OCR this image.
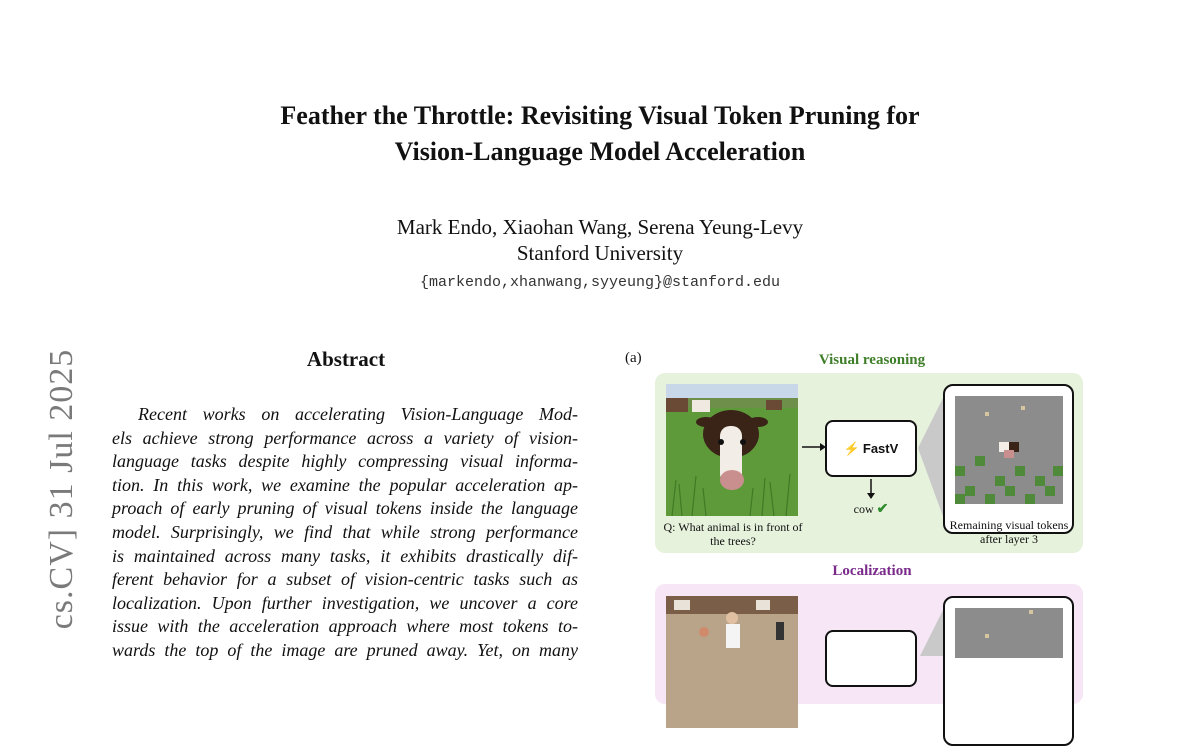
Feather the Throttle: Revisiting Visual Token Pruning for
Vision-Language Model Acceleration
Mark Endo, Xiaohan Wang, Serena Yeung-Levy
Stanford University
{markendo,xhanwang,syyeung}@stanford.edu
cs.CV] 31 Jul 2025	Abstract
Recent works on accelerating Vision-Language Mod-
els achieve strong performance across a variety of vision-
language tasks despite highly compressing visual informa-
tion. In this work, we examine the popular acceleration ap-
proach of early pruning of visual tokens inside the language
model. Surprisingly, we find that while strong performance
is maintained across many tasks, it exhibits drastically dif-
ferent behavior for a subset of vision-centric tasks such as
localization. Upon further investigation, we uncover a core
issue with the acceleration approach where most tokens to-
wards the top of the image are pruned away. Yet, on many
(a)	Visual reasoning
Q: What animal is in front of the trees?
⚡ FastV
cow ✔
Remaining visual tokens after layer 3
Localization
